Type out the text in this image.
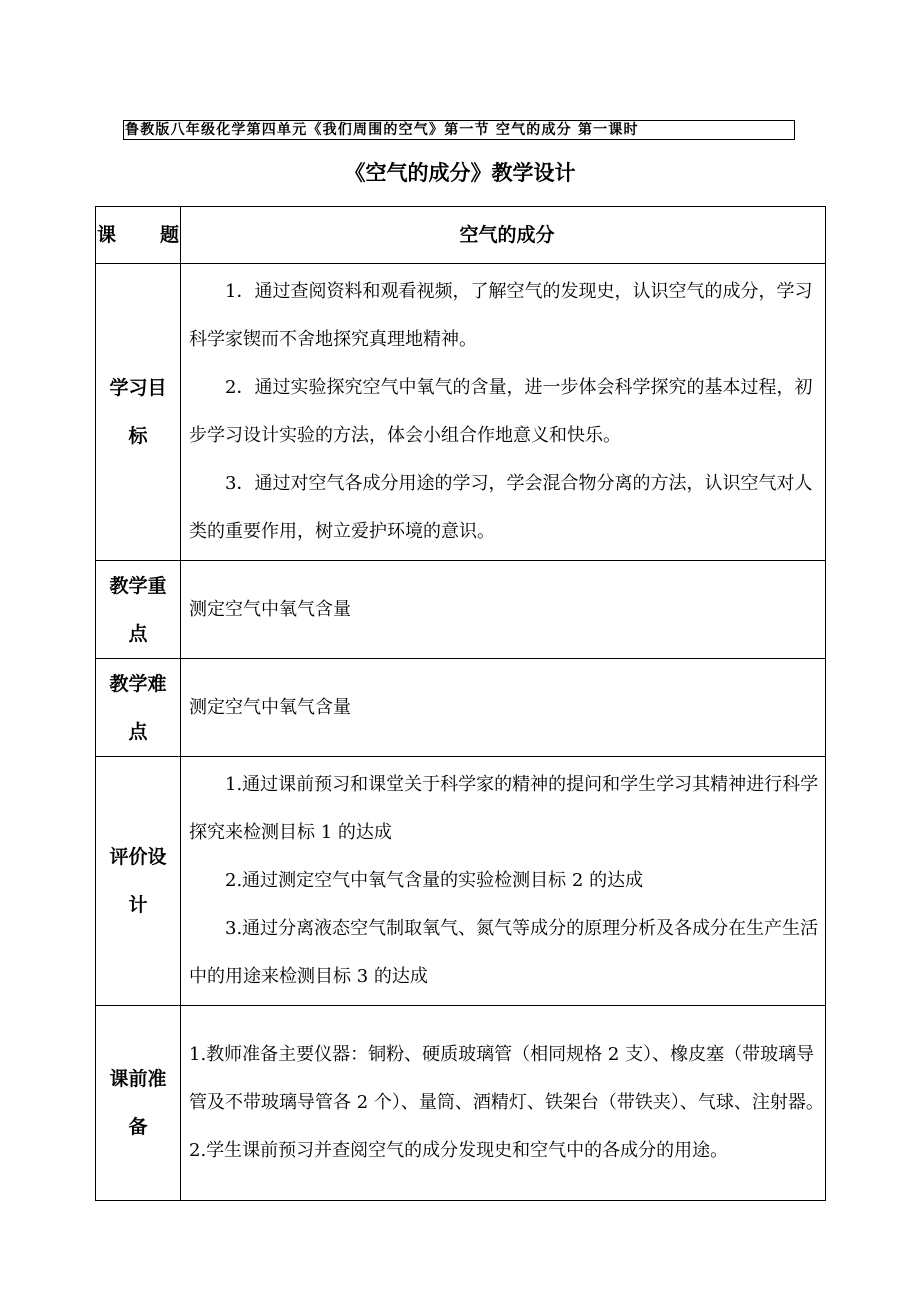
鲁教版八年级化学第四单元《我们周围的空气》第一节 空气的成分 第一课时
《空气的成分》教学设计
课题	空气的成分

学习目标	1．通过查阅资料和观看视频，了解空气的发现史，认识空气的成分，学习科学家锲而不舍地探究真理地精神。

2．通过实验探究空气中氧气的含量，进一步体会科学探究的基本过程，初步学习设计实验的方法，体会小组合作地意义和快乐。

3．通过对空气各成分用途的学习，学会混合物分离的方法，认识空气对人类的重要作用，树立爱护环境的意识。

教学重点	测定空气中氧气含量

教学难点	测定空气中氧气含量

评价设计	1.通过课前预习和课堂关于科学家的精神的提问和学生学习其精神进行科学探究来检测目标 1 的达成

2.通过测定空气中氧气含量的实验检测目标 2 的达成

3.通过分离液态空气制取氧气、氮气等成分的原理分析及各成分在生产生活中的用途来检测目标 3 的达成

课前准备	1.教师准备主要仪器：铜粉、硬质玻璃管（相同规格 2 支）、橡皮塞（带玻璃导管及不带玻璃导管各 2 个）、量筒、酒精灯、铁架台（带铁夹）、气球、注射器。

2.学生课前预习并查阅空气的成分发现史和空气中的各成分的用途。
